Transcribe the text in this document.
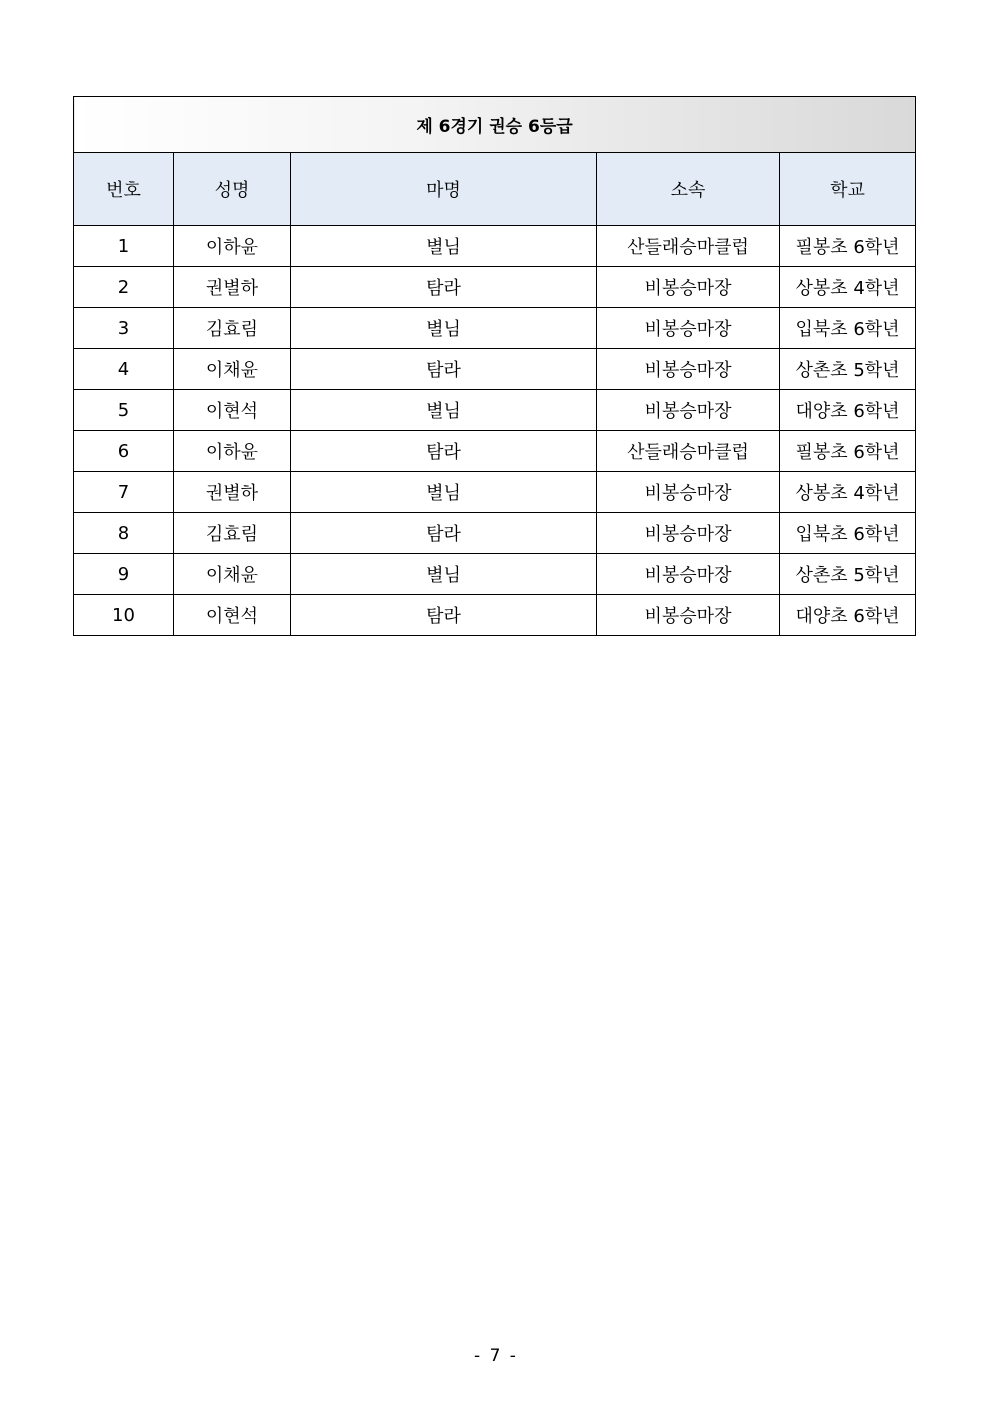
제 6경기 권승 6등급				
번호	성명	마명	소속	학교
1	이하윤	별님	산들래승마클럽	필봉초 6학년
2	권별하	탐라	비봉승마장	상봉초 4학년
3	김효림	별님	비봉승마장	입북초 6학년
4	이채윤	탐라	비봉승마장	상촌초 5학년
5	이현석	별님	비봉승마장	대양초 6학년
6	이하윤	탐라	산들래승마클럽	필봉초 6학년
7	권별하	별님	비봉승마장	상봉초 4학년
8	김효림	탐라	비봉승마장	입북초 6학년
9	이채윤	별님	비봉승마장	상촌초 5학년
10	이현석	탐라	비봉승마장	대양초 6학년
- 7 -
